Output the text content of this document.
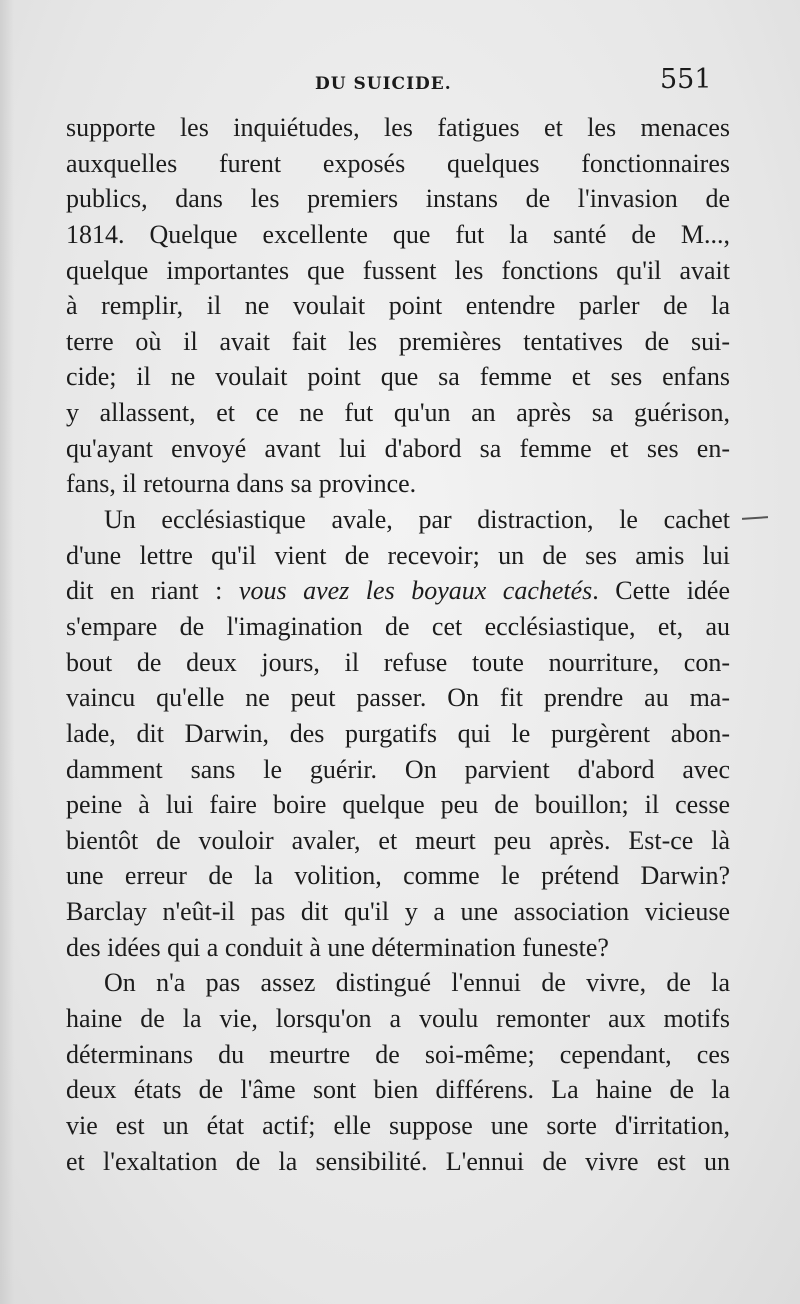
DU SUICIDE.	551
supporte les inquiétudes, les fatigues et les menaces
auxquelles furent exposés quelques fonctionnaires
publics, dans les premiers instans de l'invasion de
1814. Quelque excellente que fut la santé de M...,
quelque importantes que fussent les fonctions qu'il avait
à remplir, il ne voulait point entendre parler de la
terre où il avait fait les premières tentatives de sui-
cide; il ne voulait point que sa femme et ses enfans
y allassent, et ce ne fut qu'un an après sa guérison,
qu'ayant envoyé avant lui d'abord sa femme et ses en-
fans, il retourna dans sa province.
Un ecclésiastique avale, par distraction, le cachet
d'une lettre qu'il vient de recevoir; un de ses amis lui
dit en riant : vous avez les boyaux cachetés. Cette idée
s'empare de l'imagination de cet ecclésiastique, et, au
bout de deux jours, il refuse toute nourriture, con-
vaincu qu'elle ne peut passer. On fit prendre au ma-
lade, dit Darwin, des purgatifs qui le purgèrent abon-
damment sans le guérir. On parvient d'abord avec
peine à lui faire boire quelque peu de bouillon; il cesse
bientôt de vouloir avaler, et meurt peu après. Est-ce là
une erreur de la volition, comme le prétend Darwin?
Barclay n'eût-il pas dit qu'il y a une association vicieuse
des idées qui a conduit à une détermination funeste?
On n'a pas assez distingué l'ennui de vivre, de la
haine de la vie, lorsqu'on a voulu remonter aux motifs
déterminans du meurtre de soi-même; cependant, ces
deux états de l'âme sont bien différens. La haine de la
vie est un état actif; elle suppose une sorte d'irritation,
et l'exaltation de la sensibilité. L'ennui de vivre est un
